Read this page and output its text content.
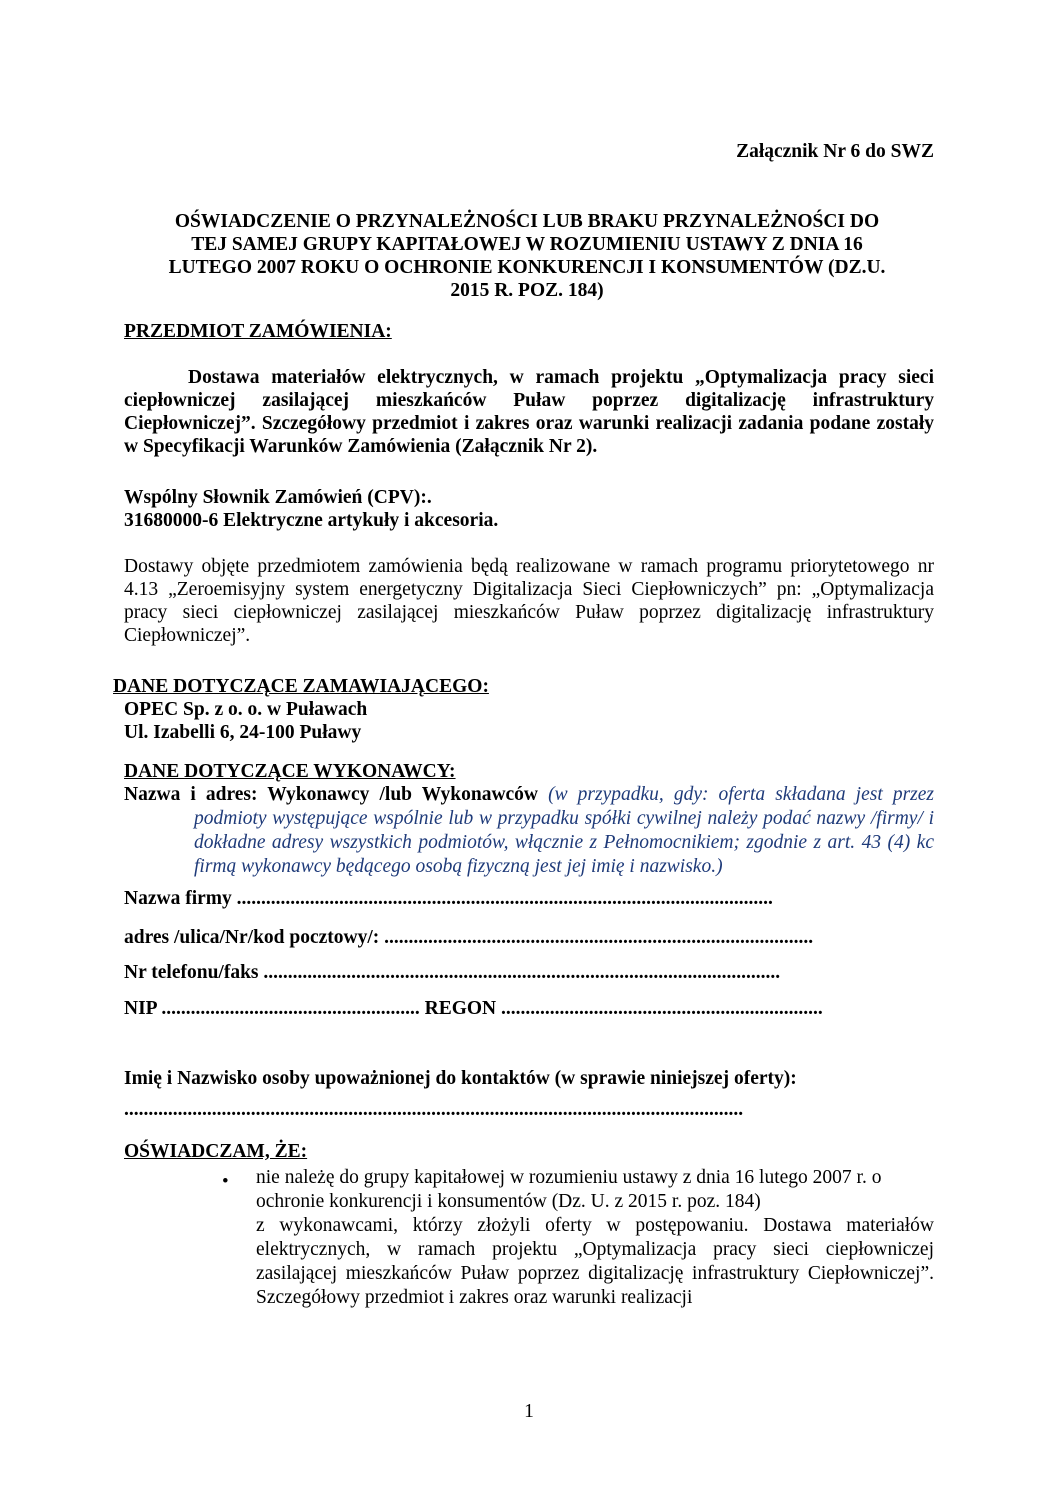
Załącznik Nr 6 do SWZ
OŚWIADCZENIE O PRZYNALEŻNOŚCI LUB BRAKU PRZYNALEŻNOŚCI DO
TEJ SAMEJ GRUPY KAPITAŁOWEJ W ROZUMIENIU USTAWY Z DNIA 16
LUTEGO 2007 ROKU O OCHRONIE KONKURENCJI I KONSUMENTÓW (DZ.U.
2015 R. POZ. 184)
PRZEDMIOT ZAMÓWIENIA:
Dostawa materiałów elektrycznych, w ramach projektu „Optymalizacja pracy sieci ciepłowniczej zasilającej mieszkańców Puław poprzez digitalizację infrastruktury Ciepłowniczej”. Szczegółowy przedmiot i zakres oraz warunki realizacji zadania podane zostały w Specyfikacji Warunków Zamówienia (Załącznik Nr 2).
Wspólny Słownik Zamówień (CPV):.
31680000-6 Elektryczne artykuły i akcesoria.
Dostawy objęte przedmiotem zamówienia będą realizowane w ramach programu priorytetowego nr 4.13 „Zeroemisyjny system energetyczny Digitalizacja Sieci Ciepłowniczych” pn: „Optymalizacja pracy sieci ciepłowniczej zasilającej mieszkańców Puław poprzez digitalizację infrastruktury Ciepłowniczej”.
DANE DOTYCZĄCE ZAMAWIAJĄCEGO:
OPEC Sp. z o. o. w Puławach
Ul. Izabelli 6, 24-100 Puławy
DANE DOTYCZĄCE WYKONAWCY:
Nazwa i adres: Wykonawcy /lub Wykonawców (w przypadku, gdy: oferta składana jest przez podmioty występujące wspólnie lub w przypadku spółki cywilnej należy podać nazwy /firmy/ i dokładne adresy wszystkich podmiotów, włącznie z Pełnomocnikiem; zgodnie z art. 43 (4) kc firmą wykonawcy będącego osobą fizyczną jest jej imię i nazwisko.)
Nazwa firmy ..............................................................................................................
adres /ulica/Nr/kod pocztowy/: ........................................................................................
Nr telefonu/faks ..........................................................................................................
NIP ..................................................... REGON ..................................................................
Imię i Nazwisko osoby upoważnionej do kontaktów (w sprawie niniejszej oferty):
...............................................................................................................................
OŚWIADCZAM, ŻE:
• nie należę do grupy kapitałowej w rozumieniu ustawy z dnia 16 lutego 2007 r. o ochronie konkurencji i konsumentów (Dz. U. z 2015 r. poz. 184)
z wykonawcami, którzy złożyli oferty w postępowaniu. Dostawa materiałów elektrycznych, w ramach projektu „Optymalizacja pracy sieci ciepłowniczej zasilającej mieszkańców Puław poprzez digitalizację infrastruktury Ciepłowniczej”. Szczegółowy przedmiot i zakres oraz warunki realizacji
1
